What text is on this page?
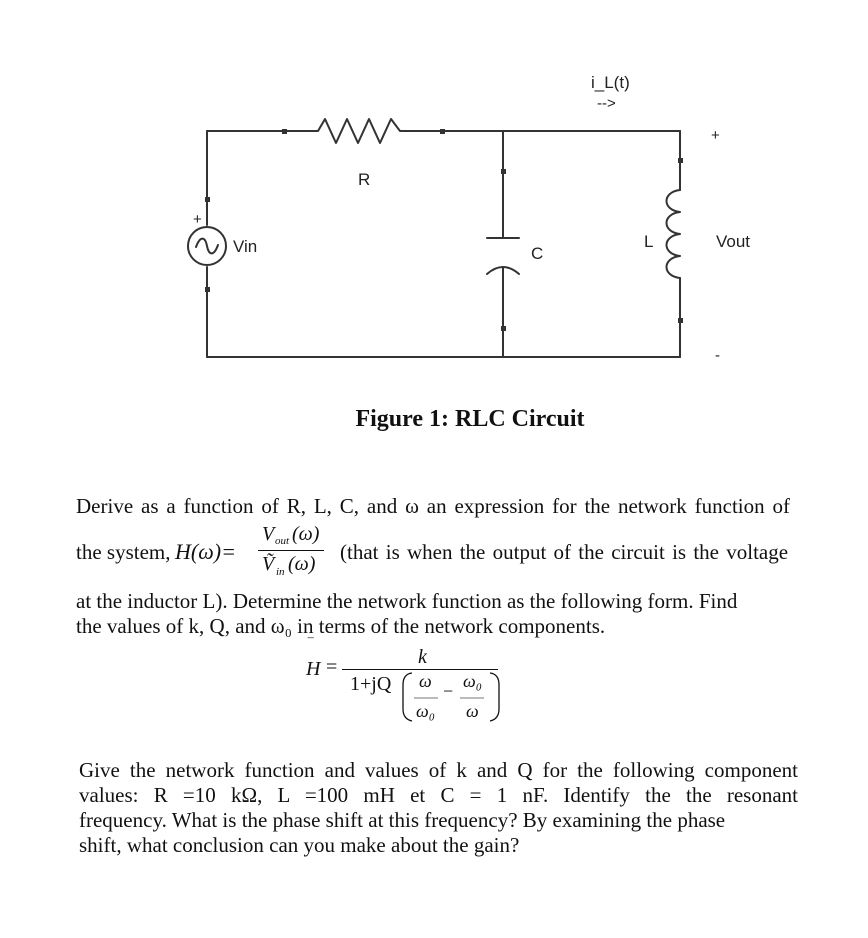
i_L(t)
-->
R
C
L
Vin	Vout
+
-
+
Figure 1: RLC Circuit

Derive as a function of R, L, C, and ω an expression for the network function of

the system, H(ω)=
V out (ω)
Ṽ in (ω) (that is when the output of the circuit is the voltage

at the inductor L). Determine the network function as the following form. Find

the values of k, Q, and ω₀ in terms of the network components.

‾
H =	k
1+jQ ω
ω₀
− ω₀
ω

Give the network function and values of k and Q for the following component

values: R =10 kΩ, L =100 mH et C = 1 nF. Identify the the resonant

frequency. What is the phase shift at this frequency? By examining the phase

shift, what conclusion can you make about the gain?
